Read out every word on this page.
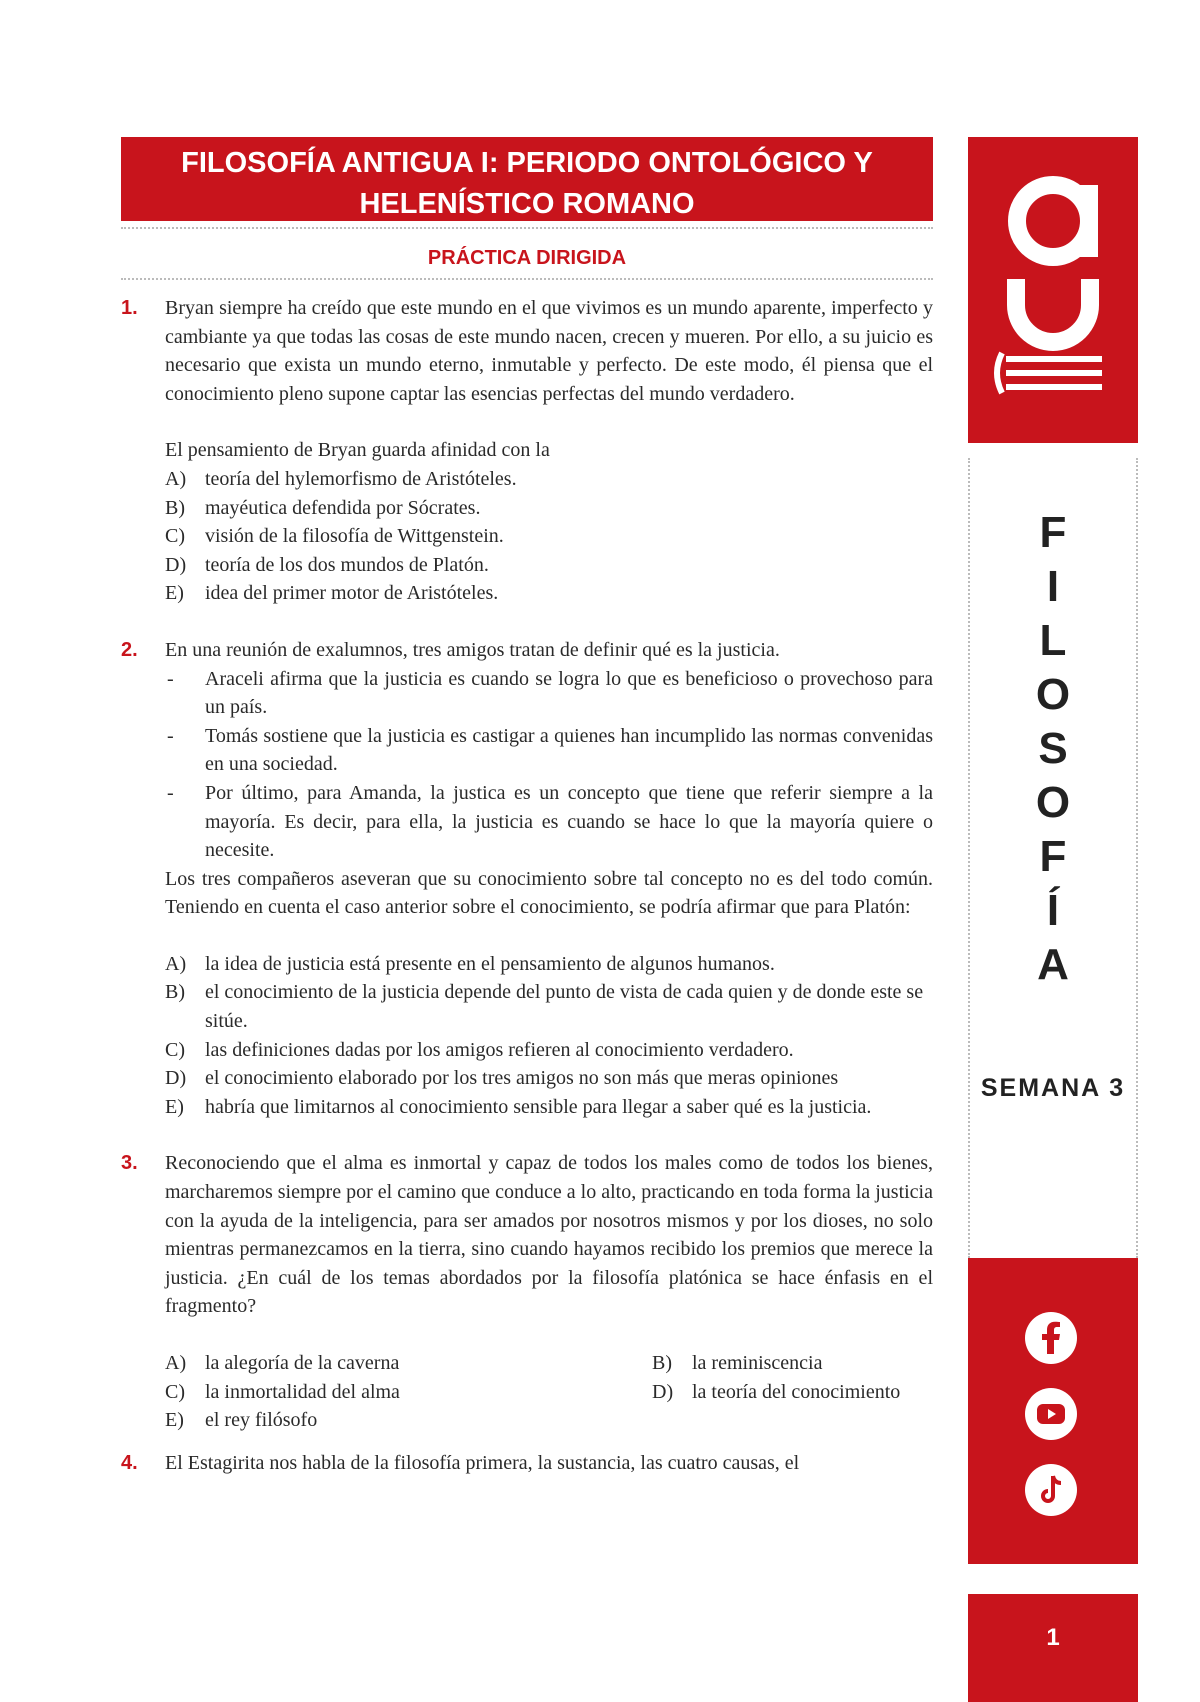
FILOSOFÍA ANTIGUA I: PERIODO ONTOLÓGICO Y
HELENÍSTICO ROMANO
PRÁCTICA DIRIGIDA
1. Bryan siempre ha creído que este mundo en el que vivimos es un mundo aparente, imperfecto y cambiante ya que todas las cosas de este mundo nacen, crecen y mueren. Por ello, a su juicio es necesario que exista un mundo eterno, inmutable y perfecto. De este modo, él piensa que el conocimiento pleno supone captar las esencias perfectas del mundo verdadero.
El pensamiento de Bryan guarda afinidad con la
A) teoría del hylemorfismo de Aristóteles.
B) mayéutica defendida por Sócrates.
C) visión de la filosofía de Wittgenstein.
D) teoría de los dos mundos de Platón.
E) idea del primer motor de Aristóteles.
2. En una reunión de exalumnos, tres amigos tratan de definir qué es la justicia.
- Araceli afirma que la justicia es cuando se logra lo que es beneficioso o provechoso para un país.
- Tomás sostiene que la justicia es castigar a quienes han incumplido las normas convenidas en una sociedad.
- Por último, para Amanda, la justica es un concepto que tiene que referir siempre a la mayoría. Es decir, para ella, la justicia es cuando se hace lo que la mayoría quiere o necesite.
Los tres compañeros aseveran que su conocimiento sobre tal concepto no es del todo común. Teniendo en cuenta el caso anterior sobre el conocimiento, se podría afirmar que para Platón:
A) la idea de justicia está presente en el pensamiento de algunos humanos.
B) el conocimiento de la justicia depende del punto de vista de cada quien y de donde este se sitúe.
C) las definiciones dadas por los amigos refieren al conocimiento verdadero.
D) el conocimiento elaborado por los tres amigos no son más que meras opiniones
E) habría que limitarnos al conocimiento sensible para llegar a saber qué es la justicia.
3. Reconociendo que el alma es inmortal y capaz de todos los males como de todos los bienes, marcharemos siempre por el camino que conduce a lo alto, practicando en toda forma la justicia con la ayuda de la inteligencia, para ser amados por nosotros mismos y por los dioses, no solo mientras permanezcamos en la tierra, sino cuando hayamos recibido los premios que merece la justicia. ¿En cuál de los temas abordados por la filosofía platónica se hace énfasis en el fragmento?
A) la alegoría de la caverna	B) la reminiscencia
C) la inmortalidad del alma	D) la teoría del conocimiento
E) el rey filósofo
4. El Estagirita nos habla de la filosofía primera, la sustancia, las cuatro causas, el
F
I
L
O
S
O
F
Í
A
SEMANA 3
1
